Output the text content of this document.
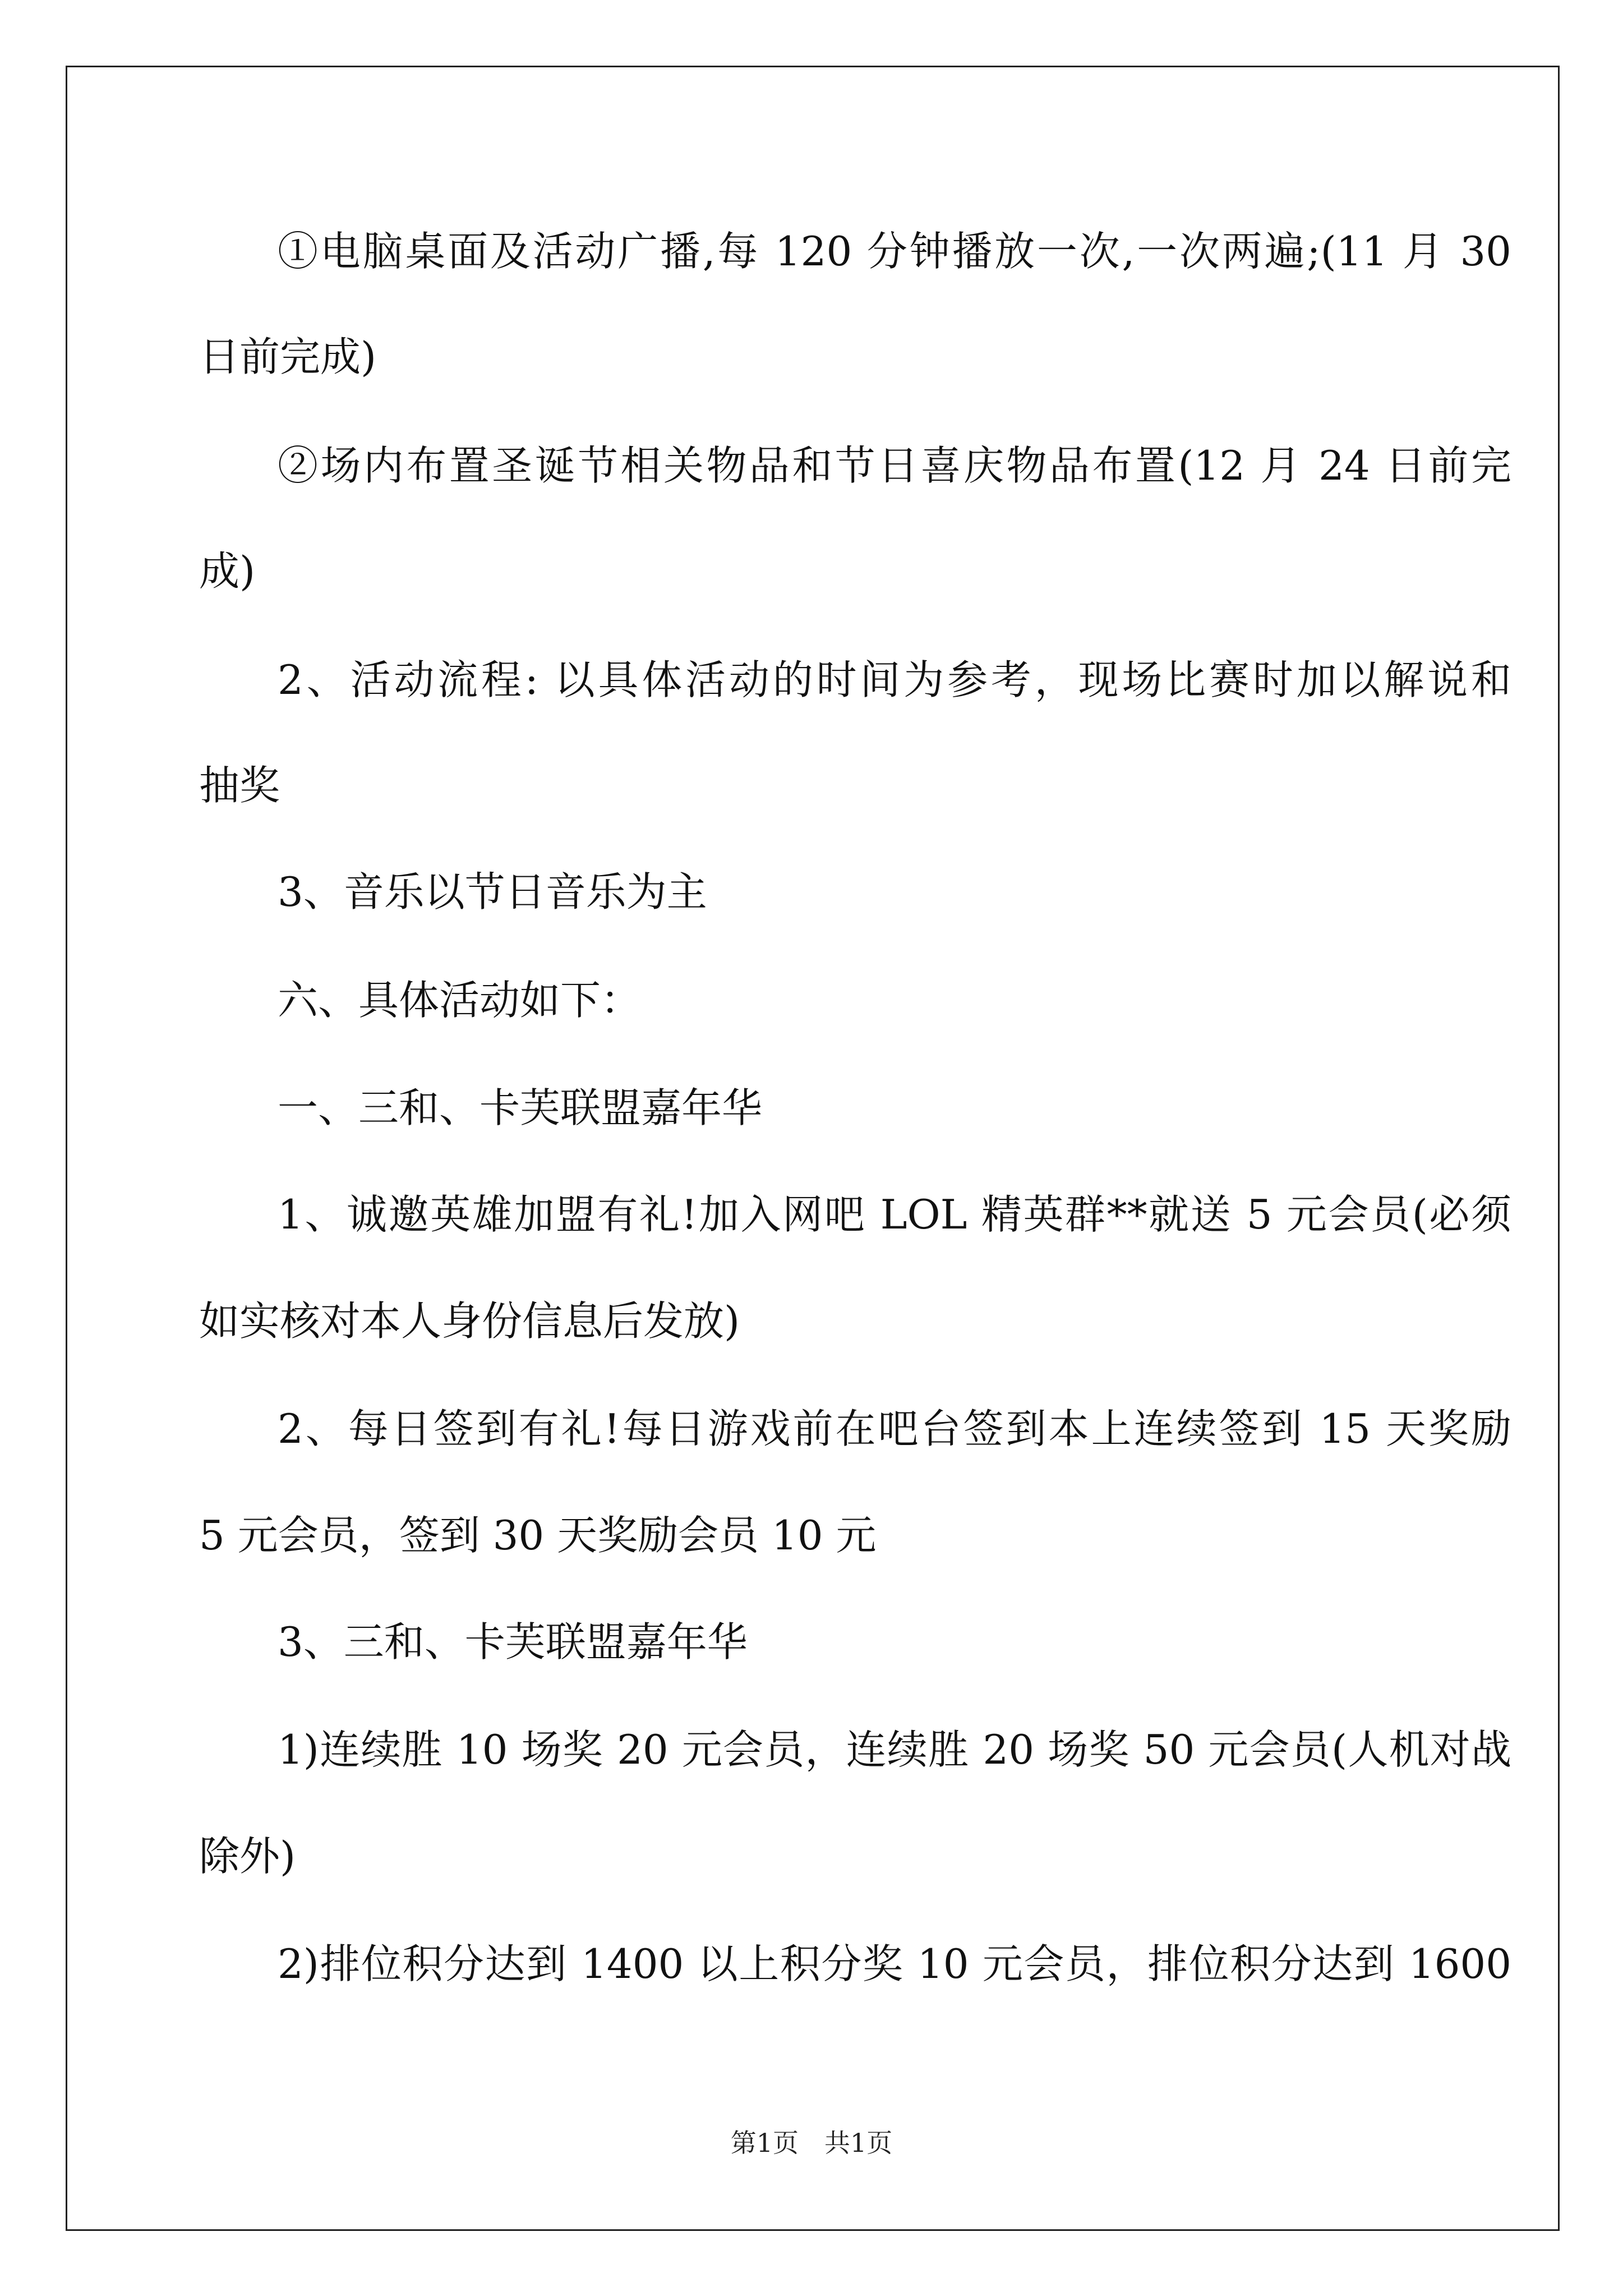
①电脑桌面及活动广播,每 120 分钟播放一次,一次两遍;(11 月 30
日前完成)
②场内布置圣诞节相关物品和节日喜庆物品布置(12 月 24 日前完
成)
2、活动流程: 以具体活动的时间为参考，现场比赛时加以解说和
抽奖
3、音乐以节日音乐为主
六、具体活动如下：
一、三和、卡芙联盟嘉年华
1、诚邀英雄加盟有礼!加入网吧 LOL 精英群**就送 5 元会员(必须
如实核对本人身份信息后发放)
2、每日签到有礼!每日游戏前在吧台签到本上连续签到 15 天奖励
5 元会员，签到 30 天奖励会员 10 元
3、三和、卡芙联盟嘉年华
1)连续胜 10 场奖 20 元会员，连续胜 20 场奖 50 元会员(人机对战
除外)
2)排位积分达到 1400 以上积分奖 10 元会员，排位积分达到 1600
第1页　共1页
